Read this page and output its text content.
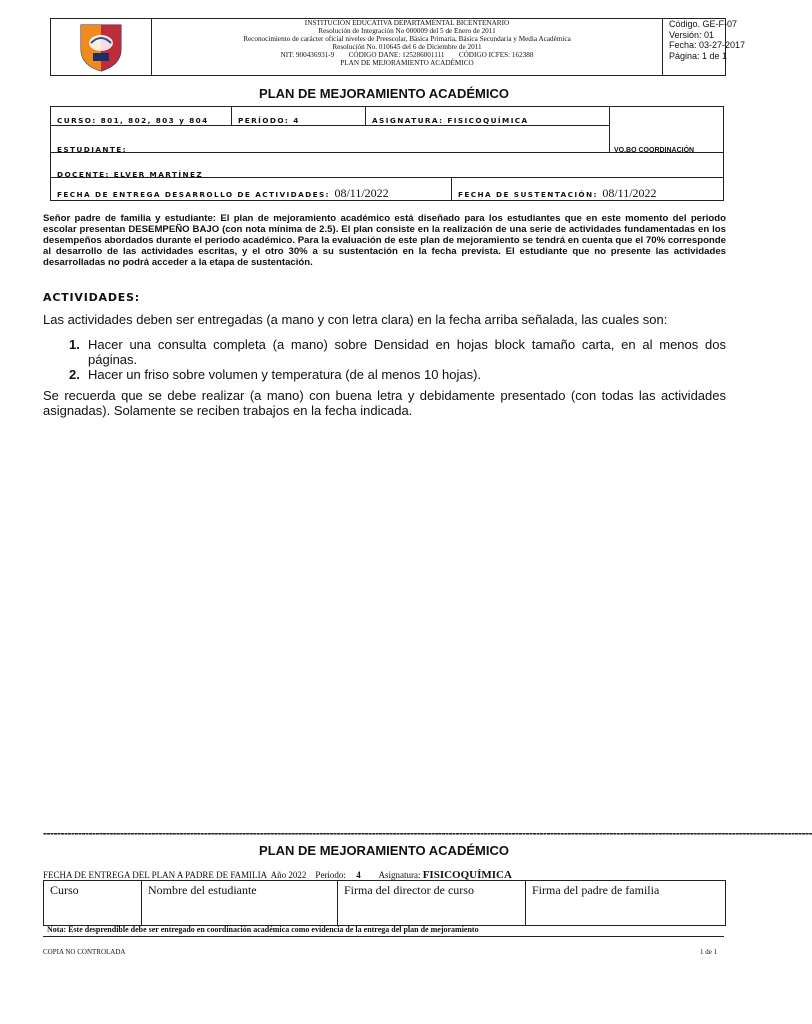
INSTITUCIÓN EDUCATIVA DEPARTAMENTAL BICENTENARIO
Resolución de Integración No 000009 del 5 de Enero de 2011
Reconocimiento de carácter oficial niveles de Preescolar, Básica Primaria, Básica Secundaria y Media Académica
Resolución No. 010645 del 6 de Diciembre de 2011
NIT: 900436931-9        CÓDIGO DANE: 125286001111        CÓDIGO ICFES: 162388
PLAN DE MEJORAMIENTO ACADÉMICO
Código. GE-F-07
Versión: 01
Fecha: 03-27-2017
Página: 1 de 1
PLAN DE MEJORAMIENTO ACADÉMICO
CURSO: 801, 802, 803 y 804	PERÍODO: 4	ASIGNATURA: FISICOQUÍMICA
VO.BO COORDINACIÓN
ESTUDIANTE:
DOCENTE: ELVER MARTÍNEZ
FECHA DE ENTREGA DESARROLLO DE ACTIVIDADES: 08/11/2022	FECHA DE SUSTENTACIÓN: 08/11/2022

Señor padre de familia y estudiante: El plan de mejoramiento académico está diseñado para los estudiantes que en este momento del periodo escolar presentan DESEMPEÑO BAJO (con nota mínima de 2.5). El plan consiste en la realización de una serie de actividades fundamentadas en los desempeños abordados durante el periodo académico. Para la evaluación de este plan de mejoramiento se tendrá en cuenta que el 70% corresponde al desarrollo de las actividades escritas, y el otro 30% a su sustentación en la fecha prevista. El estudiante que no presente las actividades desarrolladas no podrá acceder a la etapa de sustentación.

ACTIVIDADES:
Las actividades deben ser entregadas (a mano y con letra clara) en la fecha arriba señalada, las cuales son:
1. Hacer una consulta completa (a mano) sobre Densidad en hojas block tamaño carta, en al menos dos páginas.
2. Hacer un friso sobre volumen y temperatura (de al menos 10 hojas).

Se recuerda que se debe realizar (a mano) con buena letra y debidamente presentado (con todas las actividades asignadas). Solamente se reciben trabajos en la fecha indicada.

----------------------------------------------------------------------------------------------------------------------------------------------------------------------------------------------------------------------------
PLAN DE MEJORAMIENTO ACADÉMICO
FECHA DE ENTREGA DEL PLAN A PADRE DE FAMILIA  Año 2022    Periodo: 4 Asignatura: FISICOQUÍMICA
Curso	Nombre del estudiante	Firma del director de curso	Firma del padre de familia
Nota: Este desprendible debe ser entregado en coordinación académica como evidencia de la entrega del plan de mejoramiento
COPIA NO CONTROLADA	1 de 1
